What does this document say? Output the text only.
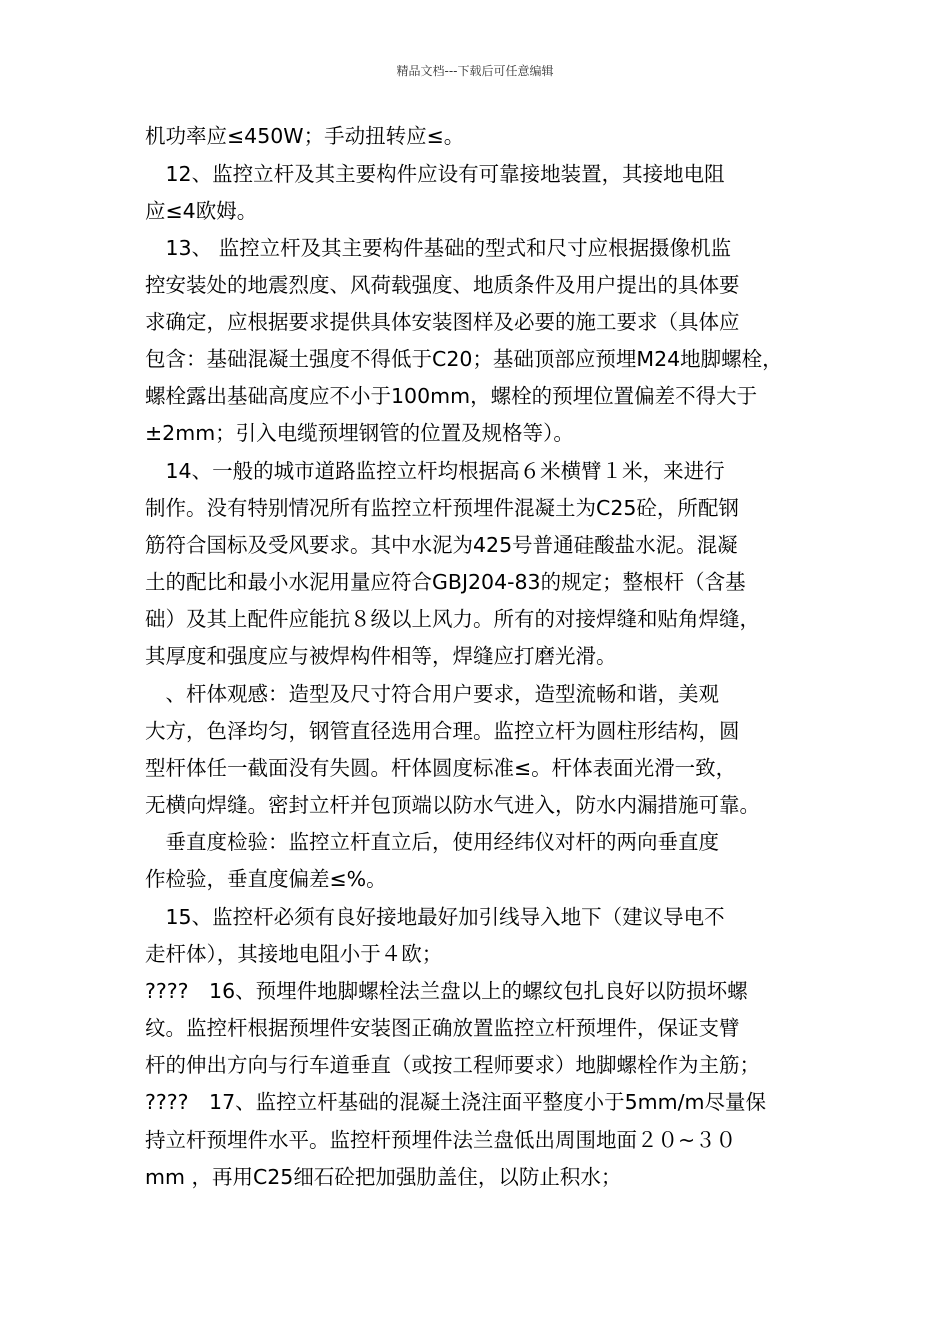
精品文档---下载后可任意编辑
机功率应≤450W；手动扭转应≤。
　12、监控立杆及其主要构件应设有可靠接地装置，其接地电阻
应≤4欧姆。
　13、 监控立杆及其主要构件基础的型式和尺寸应根据摄像机监
控安装处的地震烈度、风荷载强度、地质条件及用户提出的具体要
求确定，应根据要求提供具体安装图样及必要的施工要求（具体应
包含：基础混凝土强度不得低于C20；基础顶部应预埋M24地脚螺栓，
螺栓露出基础高度应不小于100mm，螺栓的预埋位置偏差不得大于
±2mm；引入电缆预埋钢管的位置及规格等）。
　14、一般的城市道路监控立杆均根据高６米横臂１米，来进行
制作。没有特别情况所有监控立杆预埋件混凝土为C25砼，所配钢
筋符合国标及受风要求。其中水泥为425号普通硅酸盐水泥。混凝
土的配比和最小水泥用量应符合GBJ204-83的规定；整根杆（含基
础）及其上配件应能抗８级以上风力。所有的对接焊缝和贴角焊缝，
其厚度和强度应与被焊构件相等，焊缝应打磨光滑。
　、杆体观感：造型及尺寸符合用户要求，造型流畅和谐，美观
大方，色泽均匀，钢管直径选用合理。监控立杆为圆柱形结构，圆
型杆体任一截面没有失圆。杆体圆度标准≤。杆体表面光滑一致，
无横向焊缝。密封立杆并包顶端以防水气进入，防水内漏措施可靠。
　垂直度检验：监控立杆直立后，使用经纬仪对杆的两向垂直度
作检验，垂直度偏差≤%。
　15、监控杆必须有良好接地最好加引线导入地下（建议导电不
走杆体），其接地电阻小于４欧；
????　16、预埋件地脚螺栓法兰盘以上的螺纹包扎良好以防损坏螺
纹。监控杆根据预埋件安装图正确放置监控立杆预埋件，保证支臂
杆的伸出方向与行车道垂直（或按工程师要求）地脚螺栓作为主筋；
????　17、监控立杆基础的混凝土浇注面平整度小于5mm/m尽量保
持立杆预埋件水平。监控杆预埋件法兰盘低出周围地面２０~３０
mm ，再用C25细石砼把加强肋盖住，以防止积水；
